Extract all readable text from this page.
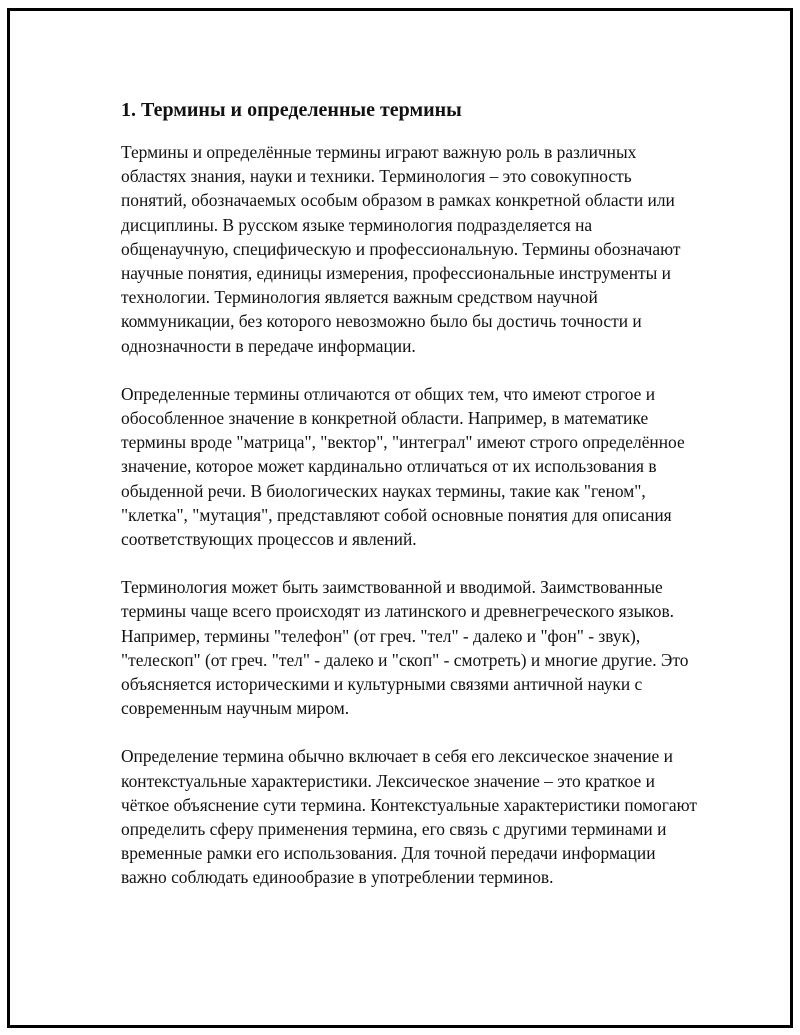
1. Термины и определенные термины

Термины и определённые термины играют важную роль в различных областях знания, науки и техники. Терминология – это совокупность понятий, обозначаемых особым образом в рамках конкретной области или дисциплины. В русском языке терминология подразделяется на общенаучную, специфическую и профессиональную. Термины обозначают научные понятия, единицы измерения, профессиональные инструменты и технологии. Терминология является важным средством научной коммуникации, без которого невозможно было бы достичь точности и однозначности в передаче информации.

Определенные термины отличаются от общих тем, что имеют строгое и обособленное значение в конкретной области. Например, в математике термины вроде "матрица", "вектор", "интеграл" имеют строго определённое значение, которое может кардинально отличаться от их использования в обыденной речи. В биологических науках термины, такие как "геном", "клетка", "мутация", представляют собой основные понятия для описания соответствующих процессов и явлений.

Терминология может быть заимствованной и вводимой. Заимствованные термины чаще всего происходят из латинского и древнегреческого языков. Например, термины "телефон" (от греч. "тел" - далеко и "фон" - звук), "телескоп" (от греч. "тел" - далеко и "скоп" - смотреть) и многие другие. Это объясняется историческими и культурными связями античной науки с современным научным миром.

Определение термина обычно включает в себя его лексическое значение и контекстуальные характеристики. Лексическое значение – это краткое и чёткое объяснение сути термина. Контекстуальные характеристики помогают определить сферу применения термина, его связь с другими терминами и временные рамки его использования. Для точной передачи информации важно соблюдать единообразие в употреблении терминов.
